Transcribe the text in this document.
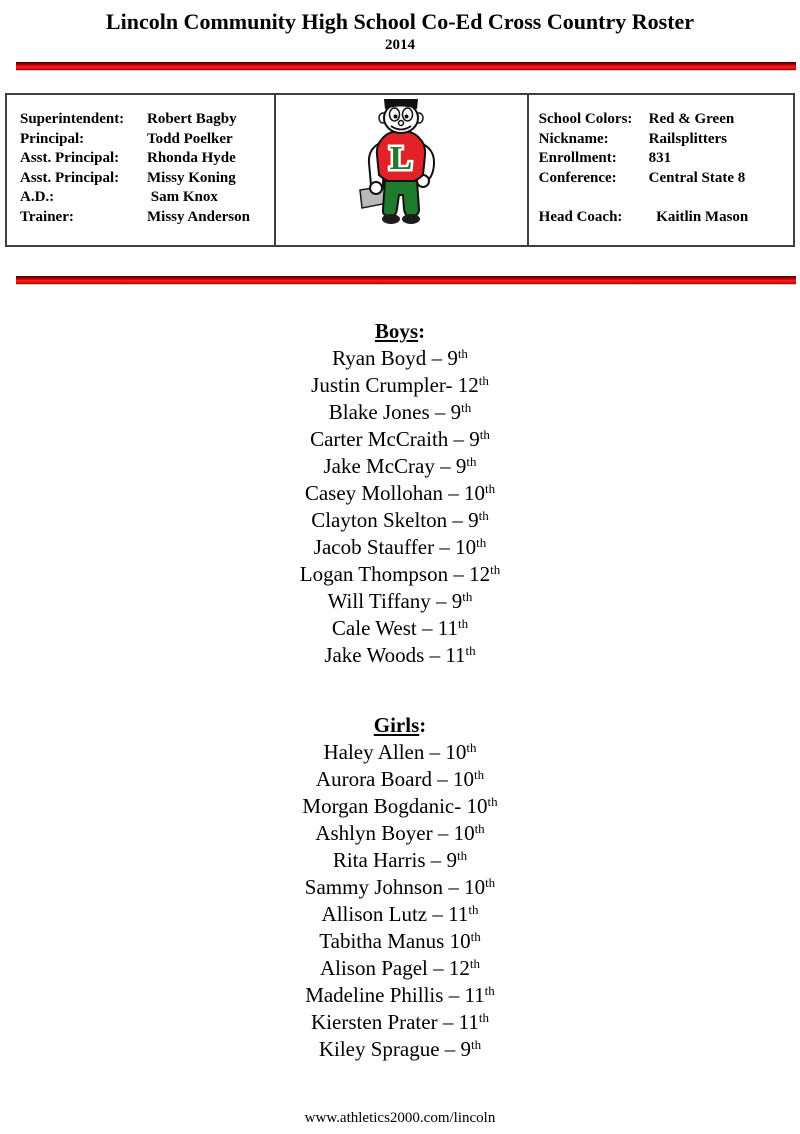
Lincoln Community High School Co-Ed Cross Country Roster
2014
Superintendent: Robert Bagby
Principal:	Todd Poelker
Asst. Principal: Rhonda Hyde
Asst. Principal: Missy Koning
A.D.:	Sam Knox
Trainer:	Missy Anderson
L
School Colors: Red & Green
Nickname:	Railsplitters
Enrollment: 831
Conference: Central State 8
Head Coach:  Kaitlin Mason
Boys:
Ryan Boyd – 9th
Justin Crumpler- 12th
Blake Jones – 9th
Carter McCraith – 9th
Jake McCray – 9th
Casey Mollohan – 10th
Clayton Skelton – 9th
Jacob Stauffer – 10th
Logan Thompson – 12th
Will Tiffany – 9th
Cale West – 11th
Jake Woods – 11th
Girls:
Haley Allen – 10th
Aurora Board – 10th
Morgan Bogdanic- 10th
Ashlyn Boyer – 10th
Rita Harris – 9th
Sammy Johnson – 10th
Allison Lutz – 11th
Tabitha Manus 10th
Alison Pagel – 12th
Madeline Phillis – 11th
Kiersten Prater – 11th
Kiley Sprague – 9th
www.athletics2000.com/lincoln
